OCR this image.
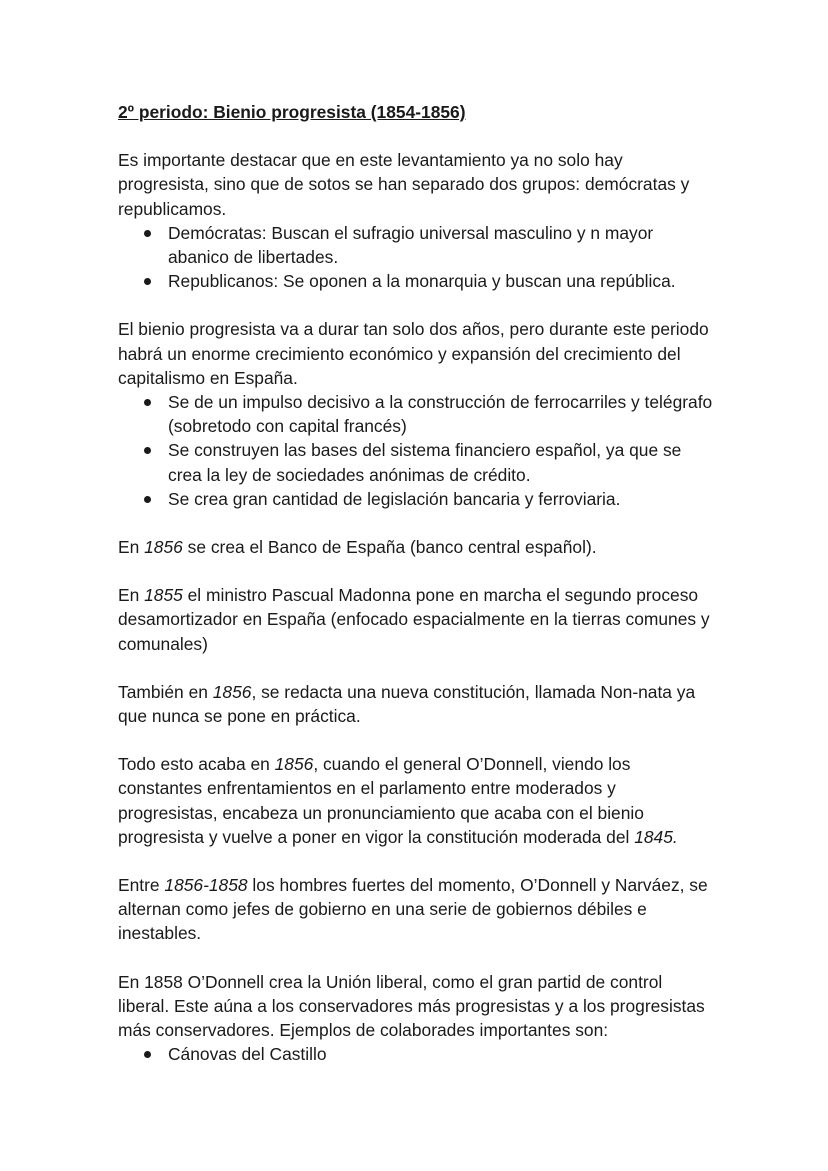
2º periodo: Bienio progresista (1854-1856)

Es importante destacar que en este levantamiento ya no solo hay progresista, sino que de sotos se han separado dos grupos: demócratas y republicamos.

Demócratas: Buscan el sufragio universal masculino y n mayor abanico de libertades.
Republicanos: Se oponen a la monarquia y buscan una república.

El bienio progresista va a durar tan solo dos años, pero durante este periodo habrá un enorme crecimiento económico y expansión del crecimiento del capitalismo en España.

Se de un impulso decisivo a la construcción de ferrocarriles y telégrafo (sobretodo con capital francés)
Se construyen las bases del sistema financiero español, ya que se crea la ley de sociedades anónimas de crédito.
Se crea gran cantidad de legislación bancaria y ferroviaria.

En 1856 se crea el Banco de España (banco central español).

En 1855 el ministro Pascual Madonna pone en marcha el segundo proceso desamortizador en España (enfocado espacialmente en la tierras comunes y comunales)

También en 1856, se redacta una nueva constitución, llamada Non-nata ya que nunca se pone en práctica.

Todo esto acaba en 1856, cuando el general O’Donnell, viendo los constantes enfrentamientos en el parlamento entre moderados y progresistas, encabeza un pronunciamiento que acaba con el bienio progresista y vuelve a poner en vigor la constitución moderada del 1845.

Entre 1856-1858 los hombres fuertes del momento, O’Donnell y Narváez, se alternan como jefes de gobierno en una serie de gobiernos débiles e inestables.

En 1858 O’Donnell crea la Unión liberal, como el gran partid de control liberal. Este aúna a los conservadores más progresistas y a los progresistas más conservadores. Ejemplos de colaborades importantes son:

Cánovas del Castillo
